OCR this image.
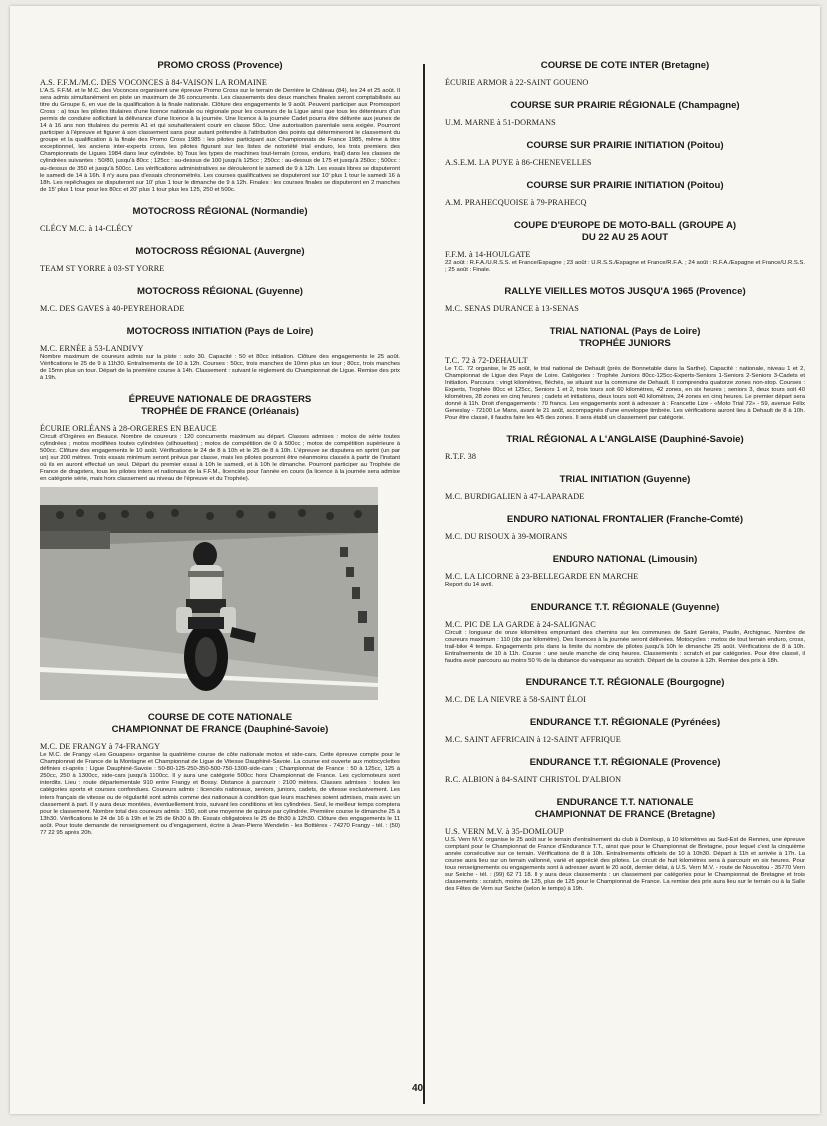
PROMO CROSS (Provence)
A.S. F.F.M./M.C. DES VOCONCES à 84-VAISON LA ROMAINE

L'A.S. F.F.M. et le M.C. des Voconces organisent une épreuve Promo Cross sur le terrain de Derrière le Château (84), les 24 et 25 août. Il sera admis simultanément en piste un maximum de 36 concurrents. Les classements des deux manches finales seront comptabilisés au titre du Groupe 6, en vue de la qualification à la finale nationale. Clôture des engagements le 9 août. Peuvent participer aux Promosport Cross : a) tous les pilotes titulaires d'une licence nationale ou régionale pour les coureurs de la Ligue ainsi que tous les détenteurs d'un permis de conduire sollicitant la délivrance d'une licence à la journée. Une licence à la journée Cadet pourra être délivrée aux jeunes de 14 à 16 ans non titulaires du permis A1 et qui souhaiteraient courir en classe 50cc. Une autorisation parentale sera exigée. Pourront participer à l'épreuve et figurer à son classement sans pour autant prétendre à l'attribution des points qui détermineront le classement du groupe et la qualification à la finale des Promo Cross 1985 : les pilotes participant aux Championnats de France 1985, même à titre exceptionnel, les anciens inter-experts cross, les pilotes figurant sur les listes de notoriété trial enduro, les trois premiers des Championnats de Ligues 1984 dans leur cylindrée. b) Tous les types de machines tout-terrain (cross, enduro, trail) dans les classes de cylindrées suivantes : 50/80, jusqu'à 80cc ; 125cc : au-dessus de 100 jusqu'à 125cc ; 250cc : au-dessus de 175 et jusqu'à 250cc ; 500cc : au-dessus de 350 et jusqu'à 500cc. Les vérifications administratives se dérouleront le samedi de 9 à 12h. Les essais libres se disputeront le samedi de 14 à 16h. Il n'y aura pas d'essais chronométrés. Les courses qualificatives se disputeront sur 10' plus 1 tour le samedi 16 à 18h. Les repêchages se disputeront sur 10' plus 1 tour le dimanche de 9 à 12h. Finales : les courses finales se disputeront en 2 manches de 15' plus 1 tour pour les 80cc et 20' plus 1 tour plus les 125, 250 et 500c.

MOTOCROSS RÉGIONAL (Normandie)
CLÉCY M.C. à 14-CLÉCY
MOTOCROSS RÉGIONAL (Auvergne)
TEAM ST YORRE à 03-ST YORRE
MOTOCROSS RÉGIONAL (Guyenne)
M.C. DES GAVES à 40-PEYREHORADE
MOTOCROSS INITIATION (Pays de Loire)
M.C. ERNÉE à 53-LANDIVY

Nombre maximum de coureurs admis sur la piste : solo 30. Capacité : 50 et 80cc initiation. Clôture des engagements le 25 août. Vérifications le 25 de 9 à 11h30. Entraînements de 10 à 12h. Courses : 50cc, trois manches de 10mn plus un tour ; 80cc, trois manches de 15mn plus un tour. Départ de la première course à 14h. Classement : suivant le règlement du Championnat de Ligue. Remise des prix à 19h.

ÉPREUVE NATIONALE DE DRAGSTERS
TROPHÉE DE FRANCE (Orléanais)
ÉCURIE ORLÉANS à 28-ORGERES EN BEAUCE

Circuit d'Orgères en Beauce. Nombre de coureurs : 120 concurrents maximum au départ. Classes admises : motos de série toutes cylindrées ; motos modifiées toutes cylindrées (silhouettes) ; motos de compétition de 0 à 500cc ; motos de compétition supérieure à 500cc. Clôture des engagements le 10 août. Vérifications le 24 de 8 à 10h et le 25 de 8 à 10h. L'épreuve se disputera en sprint (un par un) sur 200 mètres. Trois essais minimum seront prévus par classe, mais les pilotes pourront être néanmoins classés à partir de l'instant où ils en auront effectué un seul. Départ du premier essai à 10h le samedi, et à 10h le dimanche. Pourront participer au Trophée de France de dragsters, tous les pilotes inters et nationaux de la F.F.M., licenciés pour l'année en cours (la licence à la journée sera admise en catégorie série, mais hors classement au niveau de l'épreuve et du Trophée).

COURSE DE COTE NATIONALE
CHAMPIONNAT DE FRANCE (Dauphiné-Savoie)
M.C. DE FRANGY à 74-FRANGY

Le M.C. de Frangy «Les Gouapes» organise la quatrième course de côte nationale motos et side-cars. Cette épreuve compte pour le Championnat de France de la Montagne et Championnat de Ligue de Vitesse Dauphiné-Savoie. La course est ouverte aux motocyclettes définies ci-après : Ligue Dauphiné-Savoie : 50-80-125-250-350-500-750-1300-side-cars ; Championnat de France : 50 à 125cc, 125 à 250cc, 250 à 1300cc, side-cars jusqu'à 1100cc. Il y aura une catégorie 500cc hors Championnat de France. Les cyclomoteurs sont interdits. Lieu : route départementale 910 entre Frangy et Bossy. Distance à parcourir : 2100 mètres. Classes admises : toutes les catégories sports et courses confondues. Coureurs admis : licenciés nationaux, seniors, juniors, cadets, de vitesse exclusivement. Les inters français de vitesse ou de régularité sont admis comme des nationaux à condition que leurs machines soient admises, mais avec un classement à part. Il y aura deux montées, éventuellement trois, suivant les conditions et les cylindrées. Seul, le meilleur temps comptera pour le classement. Nombre total des coureurs admis : 150, soit une moyenne de quinze par cylindrée. Première course le dimanche 25 à 13h30. Vérifications le 24 de 16 à 19h et le 25 de 6h30 à 8h. Essais obligatoires le 25 de 8h30 à 12h30. Clôture des engagements le 11 août. Pour toute demande de renseignement ou d'engagement, écrire à Jean-Pierre Wendelin - les Bottières - 74270 Frangy - tél. : (50) 77 22 95 après 20h.

COURSE DE COTE INTER (Bretagne)
ÉCURIE ARMOR à 22-SAINT GOUENO
COURSE SUR PRAIRIE RÉGIONALE (Champagne)
U.M. MARNE à 51-DORMANS
COURSE SUR PRAIRIE INITIATION (Poitou)
A.S.E.M. LA PUYE à 86-CHENEVELLES
COURSE SUR PRAIRIE INITIATION (Poitou)
A.M. PRAHECQUOISE à 79-PRAHECQ
COUPE D'EUROPE DE MOTO-BALL (GROUPE A)
DU 22 AU 25 AOUT
F.F.M. à 14-HOULGATE

22 août : R.F.A./U.R.S.S. et France/Espagne ; 23 août : U.R.S.S./Espagne et France/R.F.A. ; 24 août : R.F.A./Espagne et France/U.R.S.S. ; 25 août : Finale.

RALLYE VIEILLES MOTOS JUSQU'A 1965 (Provence)
M.C. SENAS DURANCE à 13-SENAS
TRIAL NATIONAL (Pays de Loire)
TROPHÉE JUNIORS
T.C. 72 à 72-DEHAULT

Le T.C. 72 organise, le 25 août, le trial national de Dehault (près de Bonnetable dans la Sarthe). Capacité : nationale, niveau 1 et 2, Championnat de Ligue des Pays de Loire. Catégories : Trophée Juniors 80cc-125cc-Experts-Seniors 1-Seniors 2-Seniors 3-Cadets et Initiation. Parcours : vingt kilomètres, fléchés, se situant sur la commune de Dehault. Il comprendra quatorze zones non-stop. Courses : Experts, Trophée 80cc et 125cc, Seniors 1 et 2, trois tours soit 60 kilomètres, 42 zones, en six heures ; seniors 3, deux tours soit 40 kilomètres, 28 zones en cinq heures ; cadets et initiations, deux tours soit 40 kilomètres, 24 zones en cinq heures. Le premier départ sera donné à 11h. Droit d'engagements : 70 francs. Les engagements sont à adresser à : Francette Lize - «Moto Trial 72» - 59, avenue Félix Geneslay - 72100 Le Mans, avant le 21 août, accompagnés d'une enveloppe timbrée. Les vérifications auront lieu à Dehault de 8 à 10h. Pour être classé, il faudra faire les 4/5 des zones. Il sera établi un classement par catégorie.

TRIAL RÉGIONAL A L'ANGLAISE (Dauphiné-Savoie)
R.T.F. 38
TRIAL INITIATION (Guyenne)
M.C. BURDIGALIEN à 47-LAPARADE
ENDURO NATIONAL FRONTALIER (Franche-Comté)
M.C. DU RISOUX à 39-MOIRANS
ENDURO NATIONAL (Limousin)
M.C. LA LICORNE à 23-BELLEGARDE EN MARCHE

Report du 14 avril.

ENDURANCE T.T. RÉGIONALE (Guyenne)
M.C. PIC DE LA GARDE à 24-SALIGNAC

Circuit : longueur de onze kilomètres empruntant des chemins sur les communes de Saint Geniès, Paulin, Archignac. Nombre de coureurs maximum : 110 (dix par kilomètre). Des licences à la journée seront délivrées. Motocycles : motos de tout terrain enduro, cross, trail-bike 4 temps. Engagements pris dans la limite du nombre de pilotes jusqu'à 10h le dimanche 25 août. Vérifications de 8 à 10h. Entraînements de 10 à 11h. Course : une seule manche de cinq heures. Classements : scratch et par catégories. Pour être classé, il faudra avoir parcouru au moins 50 % de la distance du vainqueur au scratch. Départ de la course à 12h. Remise des prix à 18h.

ENDURANCE T.T. RÉGIONALE (Bourgogne)
M.C. DE LA NIEVRE à 58-SAINT ÉLOI
ENDURANCE T.T. RÉGIONALE (Pyrénées)
M.C. SAINT AFFRICAIN à 12-SAINT AFFRIQUE
ENDURANCE T.T. RÉGIONALE (Provence)
R.C. ALBION à 84-SAINT CHRISTOL D'ALBION
ENDURANCE T.T. NATIONALE
CHAMPIONNAT DE FRANCE (Bretagne)
U.S. VERN M.V. à 35-DOMLOUP

U.S. Vern M.V. organise le 25 août sur le terrain d'entraînement du club à Domloup, à 10 kilomètres au Sud-Est de Rennes, une épreuve comptant pour le Championnat de France d'Endurance T.T., ainsi que pour le Championnat de Bretagne, pour lequel c'est la cinquième année consécutive sur ce terrain. Vérifications de 8 à 10h. Entraînements officiels de 10 à 10h30. Départ à 11h et arrivée à 17h. La course aura lieu sur un terrain vallonné, varié et apprécié des pilotes. Le circuit de huit kilomètres sera à parcourir en six heures. Pour tous renseignements ou engagements sont à adresser avant le 20 août, dernier délai, à U.S. Vern M.V. - route de Nouvoitou - 35770 Vern sur Seiche - tél. : (99) 62 71 18. Il y aura deux classements : un classement par catégories pour le Championnat de Bretagne et trois classements : scratch, moins de 125, plus de 125 pour le Championnat de France. La remise des prix aura lieu sur le terrain ou à la Salle des Fêtes de Vern sur Seiche (selon le temps) à 19h.

40
